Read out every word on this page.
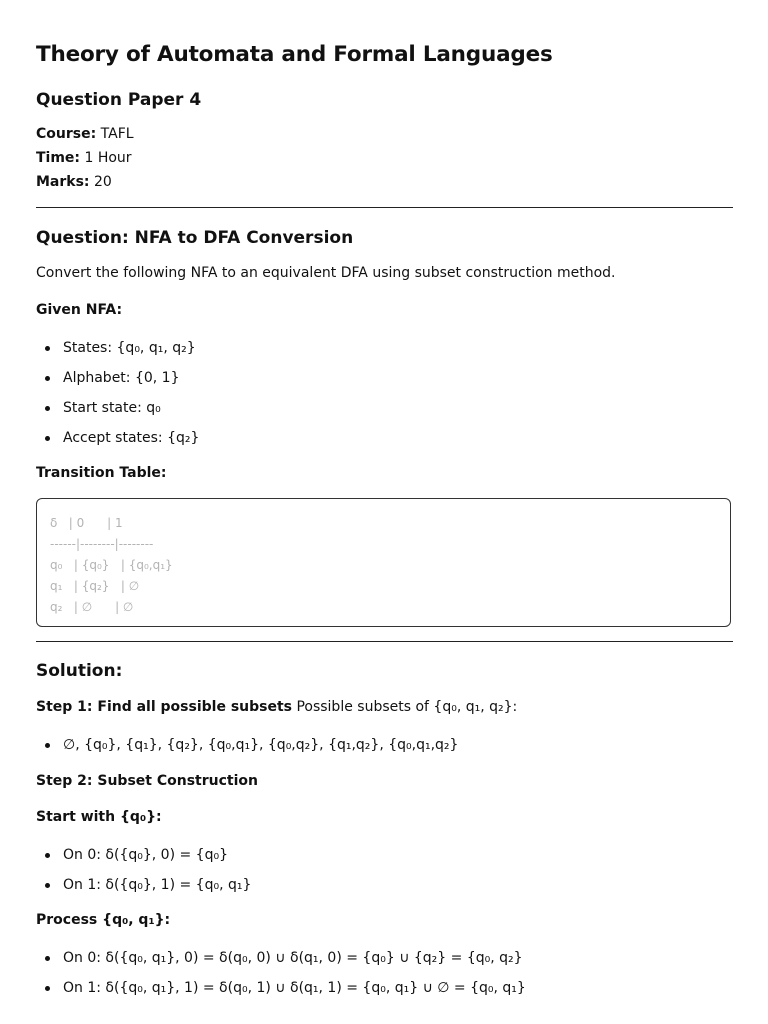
Theory of Automata and Formal Languages
Question Paper 4
Course: TAFL
Time: 1 Hour
Marks: 20
Question: NFA to DFA Conversion
Convert the following NFA to an equivalent DFA using subset construction method.
Given NFA:
States: {q₀, q₁, q₂}
Alphabet: {0, 1}
Start state: q₀
Accept states: {q₂}
Transition Table:
δ   | 0      | 1
------|--------|--------
q₀   | {q₀}   | {q₀,q₁}
q₁   | {q₂}   | ∅
q₂   | ∅      | ∅
Solution:
Step 1: Find all possible subsets Possible subsets of {q₀, q₁, q₂}:
∅, {q₀}, {q₁}, {q₂}, {q₀,q₁}, {q₀,q₂}, {q₁,q₂}, {q₀,q₁,q₂}
Step 2: Subset Construction
Start with {q₀}:
On 0: δ({q₀}, 0) = {q₀}
On 1: δ({q₀}, 1) = {q₀, q₁}
Process {q₀, q₁}:
On 0: δ({q₀, q₁}, 0) = δ(q₀, 0) ∪ δ(q₁, 0) = {q₀} ∪ {q₂} = {q₀, q₂}
On 1: δ({q₀, q₁}, 1) = δ(q₀, 1) ∪ δ(q₁, 1) = {q₀, q₁} ∪ ∅ = {q₀, q₁}
